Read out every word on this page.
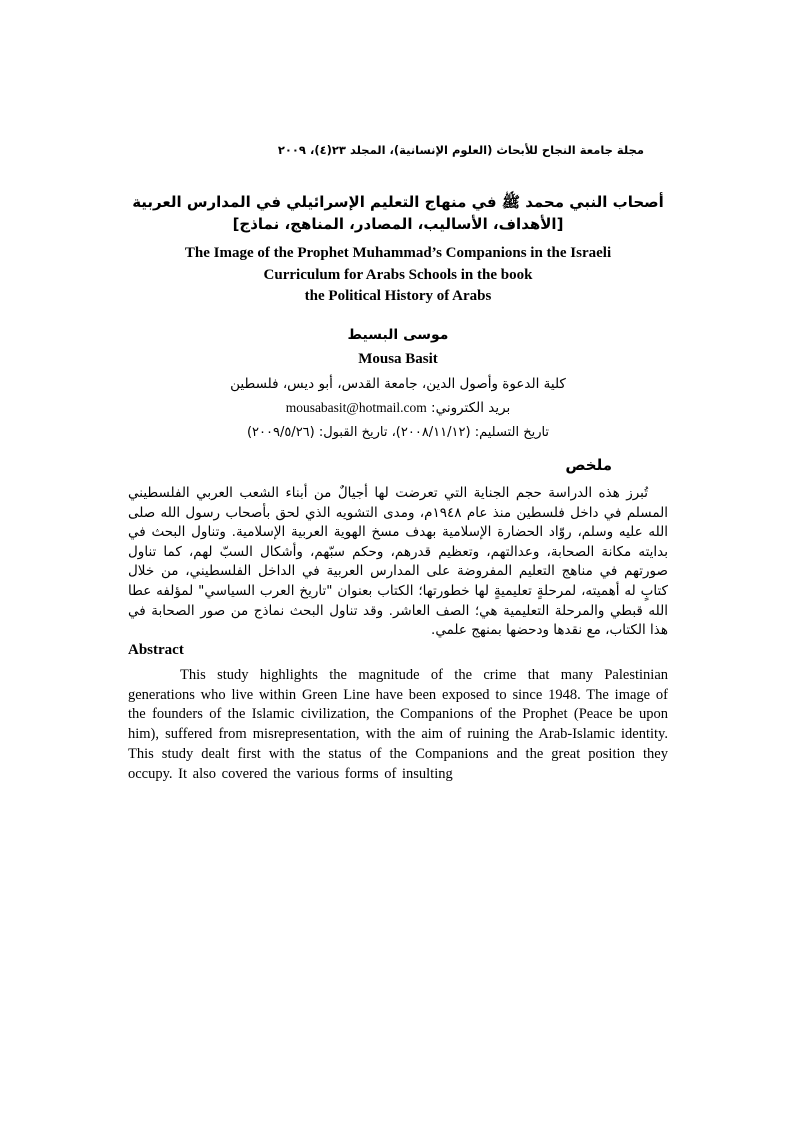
مجلة جامعة النجاح للأبحاث (العلوم الإنسانية)، المجلد ٢٣(٤)، ٢٠٠٩
أصحاب النبي محمد ﷺ في منهاج التعليم الإسرائيلي في المدارس العربية
[الأهداف، الأساليب، المصادر، المناهج، نماذج]
The Image of the Prophet Muhammad’s Companions in the Israeli
Curriculum for Arabs Schools in the book
the Political History of Arabs
موسى البسيط
Mousa Basit
كلية الدعوة وأصول الدين، جامعة القدس، أبو ديس، فلسطين
بريد الكتروني: mousabasit@hotmail.com
تاريخ التسليم: (٢٠٠٨/١١/١٢)، تاريخ القبول: (٢٠٠٩/٥/٢٦)
ملخص
تُبرز هذه الدراسة حجم الجناية التي تعرضت لها أجيالٌ من أبناء الشعب العربي الفلسطيني المسلم في داخل فلسطين منذ عام ١٩٤٨م، ومدى التشويه الذي لحق بأصحاب رسول الله صلى الله عليه وسلم، روّاد الحضارة الإسلامية بهدف مسخ الهوية العربية الإسلامية. وتناول البحث في بدايته مكانة الصحابة، وعدالتهم، وتعظيم قدرهم، وحكم سبّهم، وأشكال السبّ لهم، كما تناول صورتهم في مناهج التعليم المفروضة على المدارس العربية في الداخل الفلسطيني، من خلال كتابٍ له أهميته، لمرحلةٍ تعليميةٍ لها خطورتها؛ الكتاب بعنوان "تاريخ العرب السياسي" لمؤلفه عطا الله قبطي والمرحلة التعليمية هي؛ الصف العاشر. وقد تناول البحث نماذج من صور الصحابة في هذا الكتاب، مع نقدها ودحضها بمنهج علمي.
Abstract
This study highlights the magnitude of the crime that many Palestinian generations who live within Green Line have been exposed to since 1948. The image of the founders of the Islamic civilization, the Companions of the Prophet (Peace be upon him), suffered from misrepresentation, with the aim of ruining the Arab-Islamic identity. This study dealt first with the status of the Companions and the great position they occupy. It also covered the various forms of insulting
